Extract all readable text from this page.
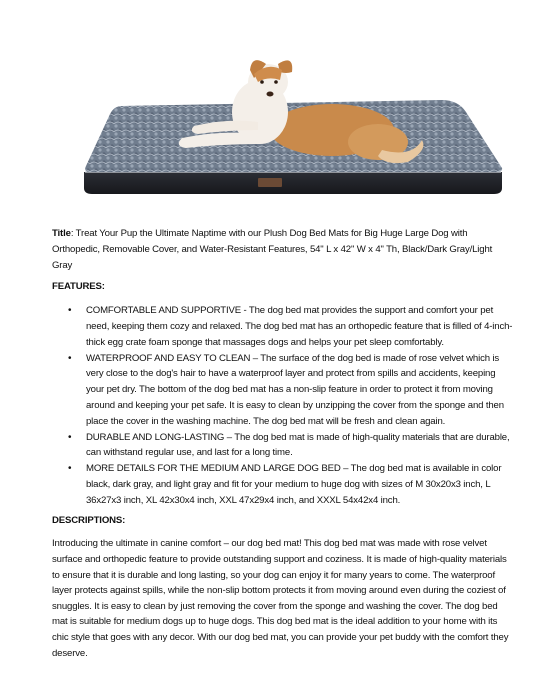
Title: Treat Your Pup the Ultimate Naptime with our Plush Dog Bed Mats for Big Huge Large Dog with Orthopedic, Removable Cover, and Water-Resistant Features, 54" L x 42" W x 4" Th, Black/Dark Gray/Light Gray

FEATURES:

• COMFORTABLE AND SUPPORTIVE - The dog bed mat provides the support and comfort your pet need, keeping them cozy and relaxed. The dog bed mat has an orthopedic feature that is filled of 4-inch-thick egg crate foam sponge that massages dogs and helps your pet sleep comfortably.
• WATERPROOF AND EASY TO CLEAN – The surface of the dog bed is made of rose velvet which is very close to the dog's hair to have a waterproof layer and protect from spills and accidents, keeping your pet dry. The bottom of the dog bed mat has a non-slip feature in order to protect it from moving around and keeping your pet safe. It is easy to clean by unzipping the cover from the sponge and then place the cover in the washing machine. The dog bed mat will be fresh and clean again.
• DURABLE AND LONG-LASTING – The dog bed mat is made of high-quality materials that are durable, can withstand regular use, and last for a long time.
• MORE DETAILS FOR THE MEDIUM AND LARGE DOG BED – The dog bed mat is available in color black, dark gray, and light gray and fit for your medium to huge dog with sizes of M 30x20x3 inch, L 36x27x3 inch, XL 42x30x4 inch, XXL 47x29x4 inch, and XXXL 54x42x4 inch.

DESCRIPTIONS:

Introducing the ultimate in canine comfort – our dog bed mat! This dog bed mat was made with rose velvet surface and orthopedic feature to provide outstanding support and coziness. It is made of high-quality materials to ensure that it is durable and long lasting, so your dog can enjoy it for many years to come. The waterproof layer protects against spills, while the non-slip bottom protects it from moving around even during the coziest of snuggles. It is easy to clean by just removing the cover from the sponge and washing the cover. The dog bed mat is suitable for medium dogs up to huge dogs. This dog bed mat is the ideal addition to your home with its chic style that goes with any decor. With our dog bed mat, you can provide your pet buddy with the comfort they deserve.
